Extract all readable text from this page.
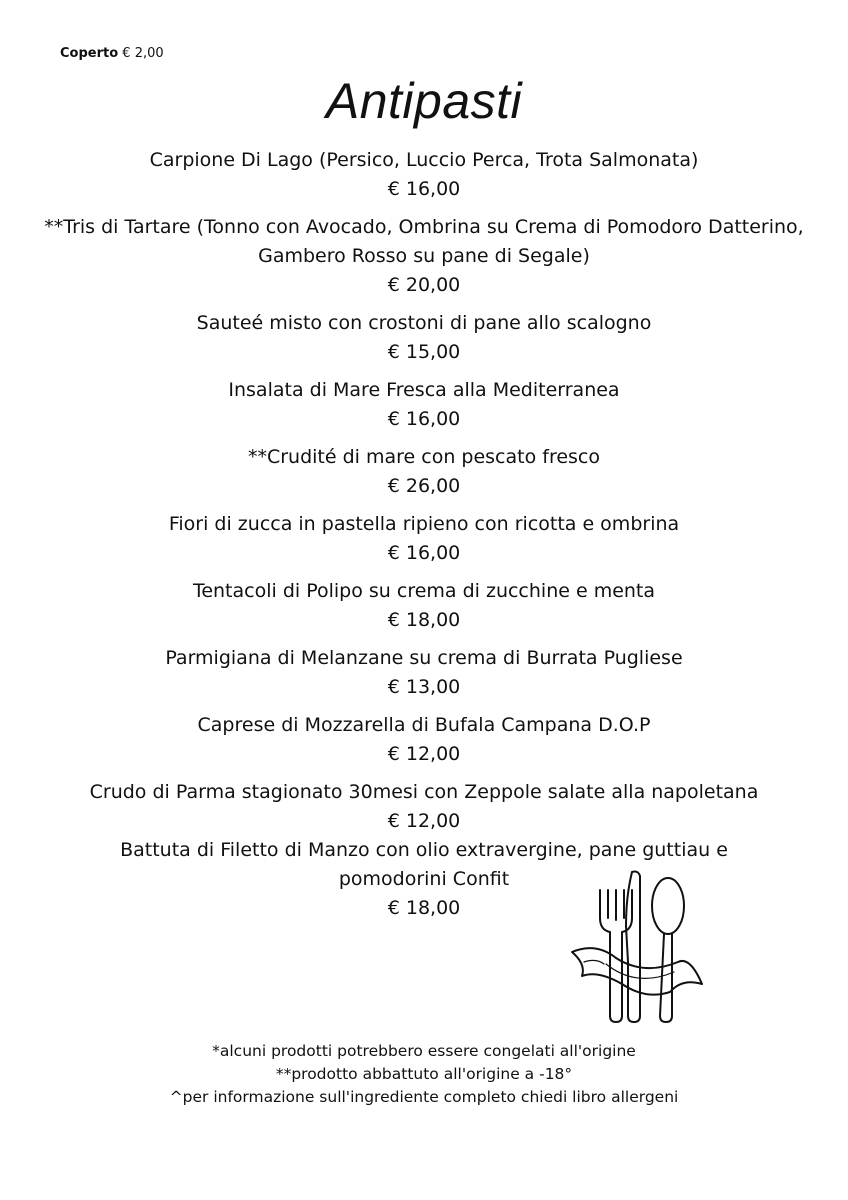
Coperto € 2,00
Antipasti
Carpione Di Lago (Persico, Luccio Perca, Trota Salmonata)
€ 16,00
**Tris di Tartare (Tonno con Avocado, Ombrina su Crema di Pomodoro Datterino,
Gambero Rosso su pane di Segale)
€ 20,00
Sauteé misto con crostoni di pane allo scalogno
€ 15,00
Insalata di Mare Fresca alla Mediterranea
€ 16,00
**Crudité di mare con pescato fresco
€ 26,00
Fiori di zucca in pastella ripieno con ricotta e ombrina
€ 16,00
Tentacoli di Polipo su crema di zucchine e menta
€ 18,00
Parmigiana di Melanzane su crema di Burrata Pugliese
€ 13,00
Caprese di Mozzarella di Bufala Campana D.O.P
€ 12,00
Crudo di Parma stagionato 30mesi con Zeppole salate alla napoletana
€ 12,00
Battuta di Filetto di Manzo con olio extravergine, pane guttiau e
pomodorini Confit
€ 18,00
*alcuni prodotti potrebbero essere congelati all'origine
**prodotto abbattuto all'origine a -18°
^per informazione sull'ingrediente completo chiedi libro allergeni
